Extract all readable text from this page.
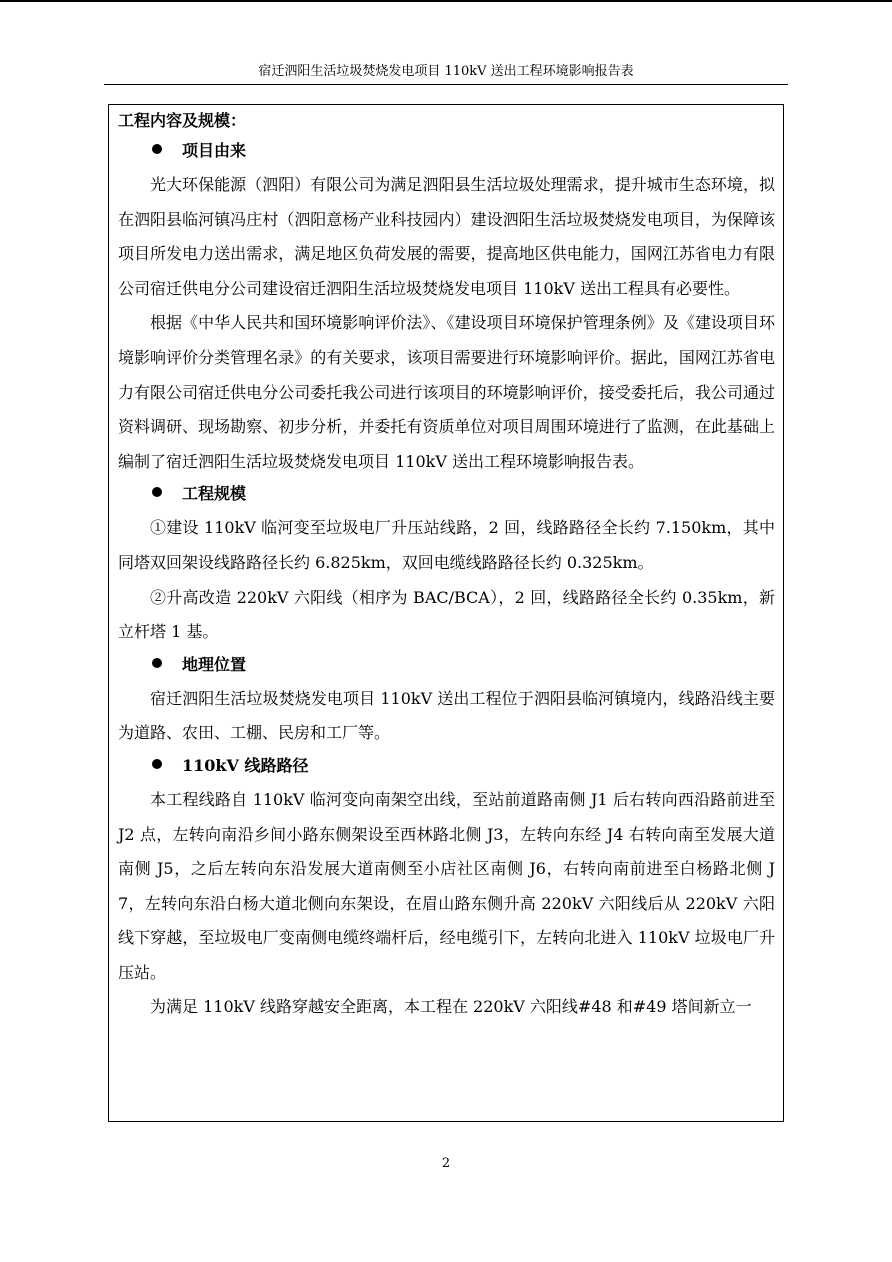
宿迁泗阳生活垃圾焚烧发电项目 110kV 送出工程环境影响报告表

工程内容及规模：

项目由来

光大环保能源（泗阳）有限公司为满足泗阳县生活垃圾处理需求，提升城市生态环境，拟在泗阳县临河镇冯庄村（泗阳意杨产业科技园内）建设泗阳生活垃圾焚烧发电项目，为保障该项目所发电力送出需求，满足地区负荷发展的需要，提高地区供电能力，国网江苏省电力有限公司宿迁供电分公司建设宿迁泗阳生活垃圾焚烧发电项目 110kV 送出工程具有必要性。

根据《中华人民共和国环境影响评价法》、《建设项目环境保护管理条例》及《建设项目环境影响评价分类管理名录》的有关要求，该项目需要进行环境影响评价。据此，国网江苏省电力有限公司宿迁供电分公司委托我公司进行该项目的环境影响评价，接受委托后，我公司通过资料调研、现场勘察、初步分析，并委托有资质单位对项目周围环境进行了监测，在此基础上编制了宿迁泗阳生活垃圾焚烧发电项目 110kV 送出工程环境影响报告表。

工程规模

①建设 110kV 临河变至垃圾电厂升压站线路，2 回，线路路径全长约 7.150km，其中同塔双回架设线路路径长约 6.825km，双回电缆线路路径长约 0.325km。

②升高改造 220kV 六阳线（相序为 BAC/BCA），2 回，线路路径全长约 0.35km，新立杆塔 1 基。

地理位置

宿迁泗阳生活垃圾焚烧发电项目 110kV 送出工程位于泗阳县临河镇境内，线路沿线主要为道路、农田、工棚、民房和工厂等。

110kV 线路路径

本工程线路自 110kV 临河变向南架空出线，至站前道路南侧 J1 后右转向西沿路前进至 J2 点，左转向南沿乡间小路东侧架设至西林路北侧 J3，左转向东经 J4 右转向南至发展大道南侧 J5，之后左转向东沿发展大道南侧至小店社区南侧 J6，右转向南前进至白杨路北侧 J7，左转向东沿白杨大道北侧向东架设，在眉山路东侧升高 220kV 六阳线后从 220kV 六阳线下穿越，至垃圾电厂变南侧电缆终端杆后，经电缆引下，左转向北进入 110kV 垃圾电厂升压站。

为满足 110kV 线路穿越安全距离，本工程在 220kV 六阳线#48 和#49 塔间新立一

2
